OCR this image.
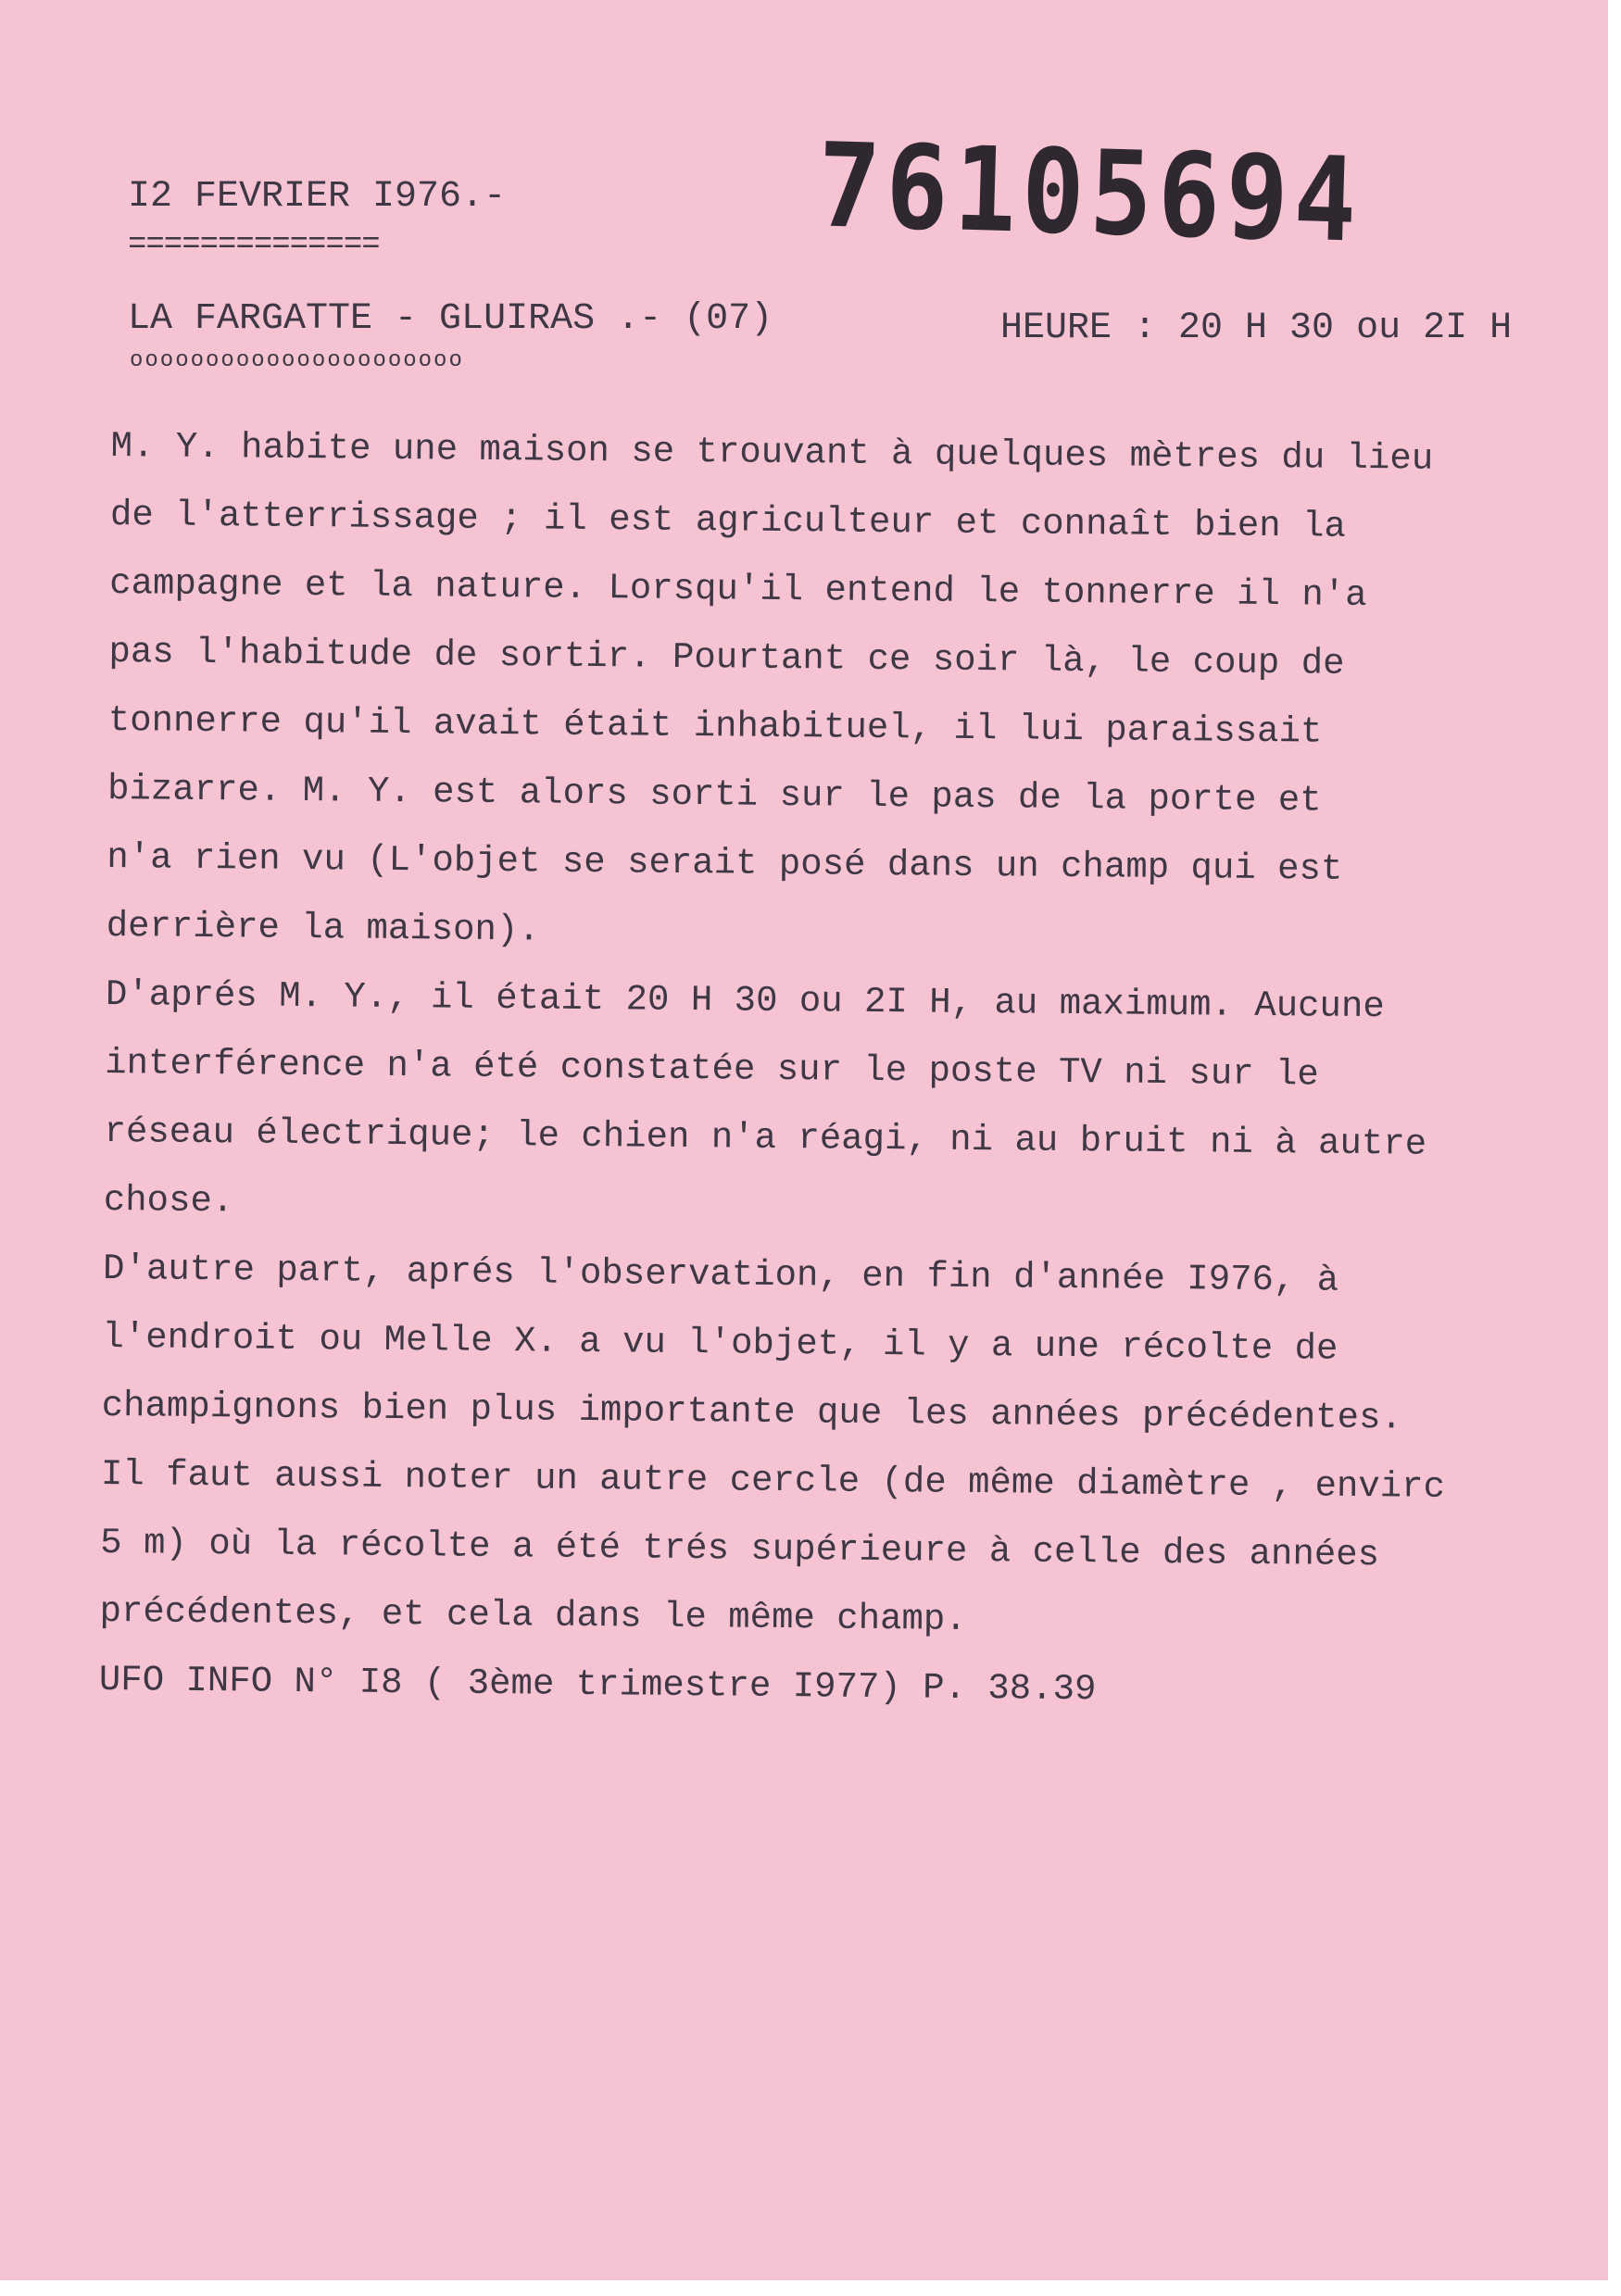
76105694
I2 FEVRIER I976.-
==============
LA FARGATTE - GLUIRAS .- (07)
oooooooooooooooooooooo
HEURE : 20 H 30 ou 2I H
M. Y. habite une maison se trouvant à quelques mètres du lieu
de l'atterrissage ; il est agriculteur et connaît bien la
campagne et la nature. Lorsqu'il entend le tonnerre il n'a
pas l'habitude de sortir. Pourtant ce soir là, le coup de
tonnerre qu'il avait était inhabituel, il lui paraissait
bizarre. M. Y. est alors sorti sur le pas de la porte et
n'a rien vu (L'objet se serait posé dans un champ qui est
derrière la maison).
D'aprés M. Y., il était 20 H 30 ou 2I H, au maximum. Aucune
interférence n'a été constatée sur le poste TV ni sur le
réseau électrique; le chien n'a réagi, ni au bruit ni à autre
chose.
D'autre part, aprés l'observation, en fin d'année I976, à
l'endroit ou Melle X. a vu l'objet, il y a une récolte de
champignons bien plus importante que les années précédentes.
Il faut aussi noter un autre cercle (de même diamètre , envirc
5 m) où la récolte a été trés supérieure à celle des années
précédentes, et cela dans le même champ.
UFO INFO N° I8 ( 3ème trimestre I977) P. 38.39
